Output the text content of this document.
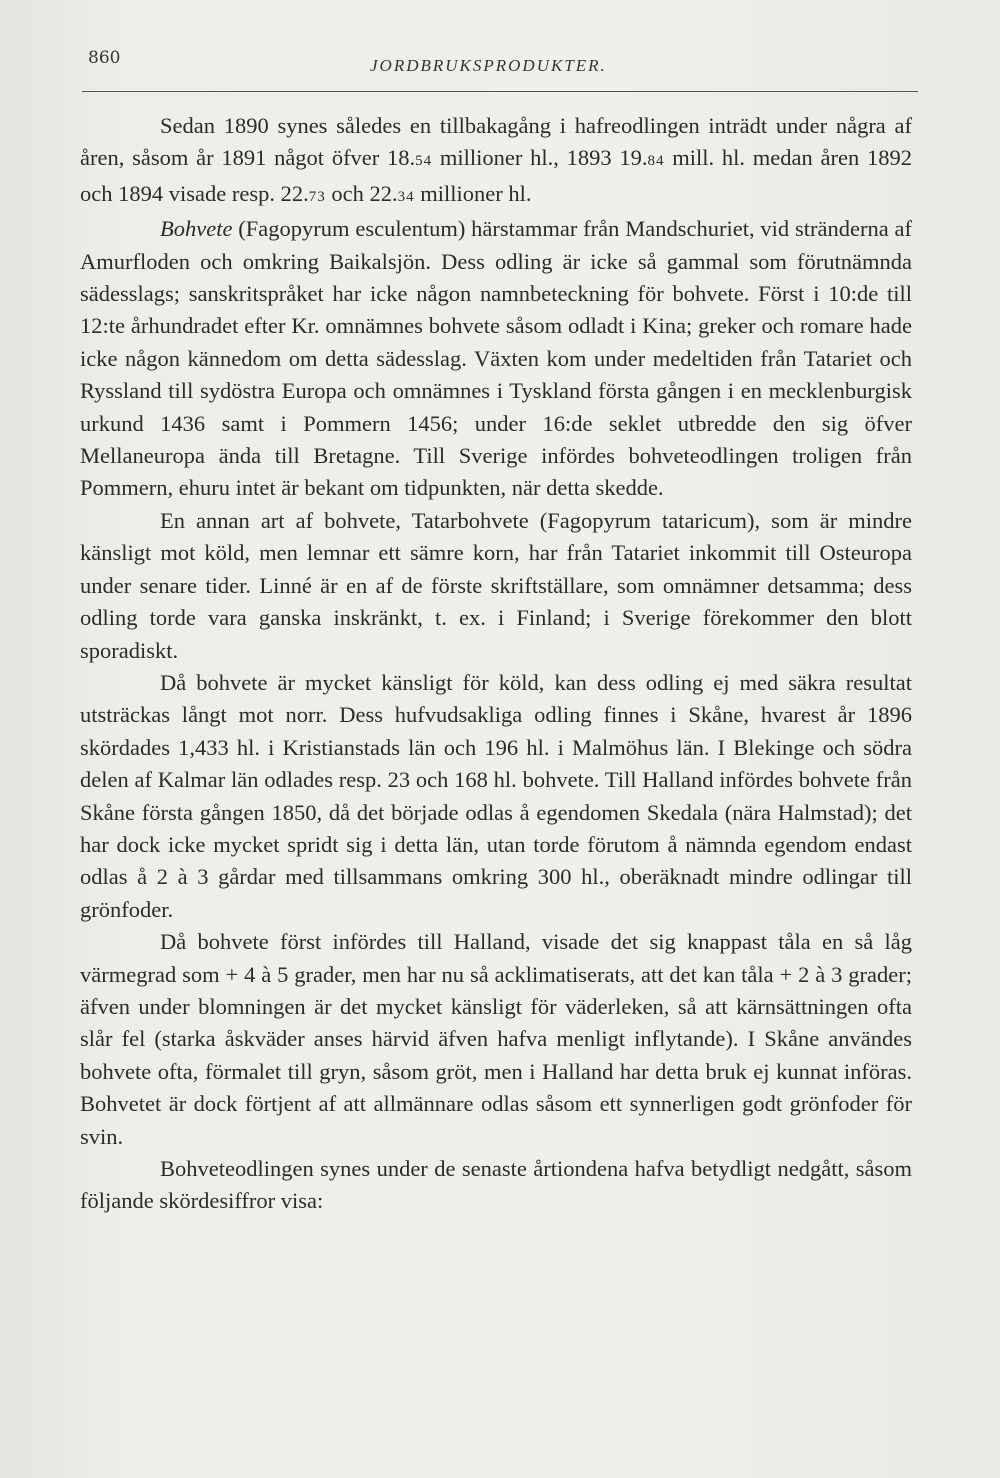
860	JORDBRUKSPRODUKTER.

Sedan 1890 synes således en tillbakagång i hafreodlingen inträdt under några af åren, såsom år 1891 något öfver 18.54 millioner hl., 1893 19.84 mill. hl. medan åren 1892 och 1894 visade resp. 22.73 och 22.34 millioner hl.

Bohvete (Fagopyrum esculentum) härstammar från Mandschuriet, vid stränderna af Amurfloden och omkring Baikalsjön. Dess odling är icke så gammal som förutnämnda sädesslags; sanskritspråket har icke någon namnbeteckning för bohvete. Först i 10:de till 12:te århundradet efter Kr. omnämnes bohvete såsom odladt i Kina; greker och romare hade icke någon kännedom om detta sädesslag. Växten kom under medeltiden från Tatariet och Ryssland till sydöstra Europa och omnämnes i Tyskland första gången i en mecklenburgisk urkund 1436 samt i Pommern 1456; under 16:de seklet utbredde den sig öfver Mellaneuropa ända till Bretagne. Till Sverige infördes bohveteodlingen troligen från Pommern, ehuru intet är bekant om tidpunkten, när detta skedde.

En annan art af bohvete, Tatarbohvete (Fagopyrum tataricum), som är mindre känsligt mot köld, men lemnar ett sämre korn, har från Tatariet inkommit till Osteuropa under senare tider. Linné är en af de förste skriftställare, som omnämner detsamma; dess odling torde vara ganska inskränkt, t. ex. i Finland; i Sverige förekommer den blott sporadiskt.

Då bohvete är mycket känsligt för köld, kan dess odling ej med säkra resultat utsträckas långt mot norr. Dess hufvudsakliga odling finnes i Skåne, hvarest år 1896 skördades 1,433 hl. i Kristianstads län och 196 hl. i Malmöhus län. I Blekinge och södra delen af Kalmar län odlades resp. 23 och 168 hl. bohvete. Till Halland infördes bohvete från Skåne första gången 1850, då det började odlas å egendomen Skedala (nära Halmstad); det har dock icke mycket spridt sig i detta län, utan torde förutom å nämnda egendom endast odlas å 2 à 3 gårdar med tillsammans omkring 300 hl., oberäknadt mindre odlingar till grönfoder.

Då bohvete först infördes till Halland, visade det sig knappast tåla en så låg värmegrad som + 4 à 5 grader, men har nu så acklimatiserats, att det kan tåla + 2 à 3 grader; äfven under blomningen är det mycket känsligt för väderleken, så att kärnsättningen ofta slår fel (starka åskväder anses härvid äfven hafva menligt inflytande). I Skåne användes bohvete ofta, förmalet till gryn, såsom gröt, men i Halland har detta bruk ej kunnat införas. Bohvetet är dock förtjent af att allmännare odlas såsom ett synnerligen godt grönfoder för svin.

Bohveteodlingen synes under de senaste årtiondena hafva betydligt nedgått, såsom följande skördesiffror visa:
